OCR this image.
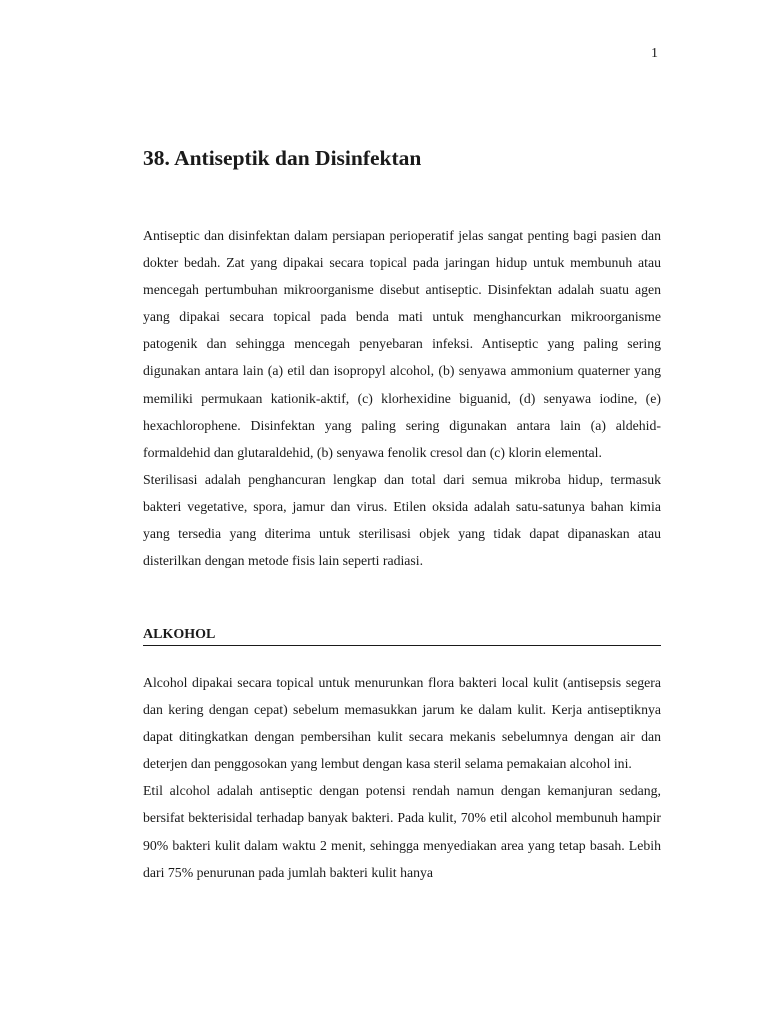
1
38. Antiseptik dan Disinfektan

Antiseptic dan disinfektan dalam persiapan perioperatif jelas sangat penting bagi pasien dan dokter bedah. Zat yang dipakai secara topical pada jaringan hidup untuk membunuh atau mencegah pertumbuhan mikroorganisme disebut antiseptic. Disinfektan adalah suatu agen yang dipakai secara topical pada benda mati untuk menghancurkan mikroorganisme patogenik dan sehingga mencegah penyebaran infeksi. Antiseptic yang paling sering digunakan antara lain (a) etil dan isopropyl alcohol, (b) senyawa ammonium quaterner yang memiliki permukaan kationik-aktif, (c) klorhexidine biguanid, (d) senyawa iodine, (e) hexachlorophene. Disinfektan yang paling sering digunakan antara lain (a) aldehid-formaldehid dan glutaraldehid, (b) senyawa fenolik cresol dan (c) klorin elemental.

Sterilisasi adalah penghancuran lengkap dan total dari semua mikroba hidup, termasuk bakteri vegetative, spora, jamur dan virus. Etilen oksida adalah satu-satunya bahan kimia yang tersedia yang diterima untuk sterilisasi objek yang tidak dapat dipanaskan atau disterilkan dengan metode fisis lain seperti radiasi.

ALKOHOL

Alcohol dipakai secara topical untuk menurunkan flora bakteri local kulit (antisepsis segera dan kering dengan cepat) sebelum memasukkan jarum ke dalam kulit. Kerja antiseptiknya dapat ditingkatkan dengan pembersihan kulit secara mekanis sebelumnya dengan air dan deterjen dan penggosokan yang lembut dengan kasa steril selama pemakaian alcohol ini.

Etil alcohol adalah antiseptic dengan potensi rendah namun dengan kemanjuran sedang, bersifat bekterisidal terhadap banyak bakteri. Pada kulit, 70% etil alcohol membunuh hampir 90% bakteri kulit dalam waktu 2 menit, sehingga menyediakan area yang tetap basah. Lebih dari 75% penurunan pada jumlah bakteri kulit hanya
